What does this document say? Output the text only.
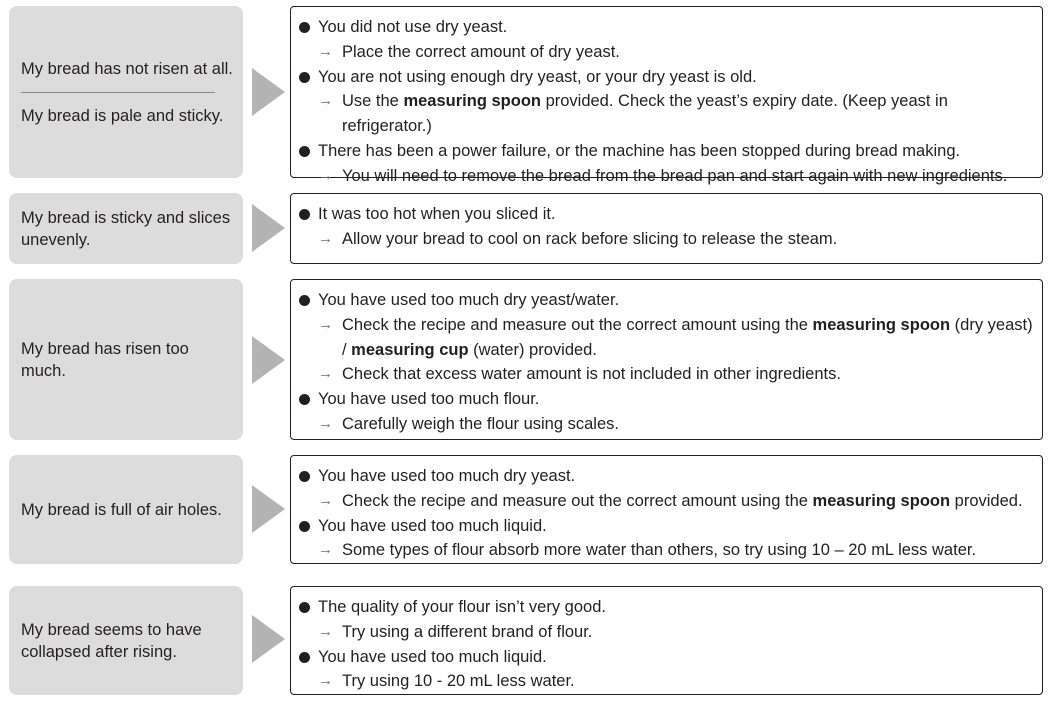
My bread has not risen at all.
My bread is pale and sticky.
You did not use dry yeast.
→ Place the correct amount of dry yeast.
You are not using enough dry yeast, or your dry yeast is old.
→ Use the measuring spoon provided. Check the yeast’s expiry date. (Keep yeast in refrigerator.)
There has been a power failure, or the machine has been stopped during bread making.
→ You will need to remove the bread from the bread pan and start again with new ingredients.
My bread is sticky and slices unevenly.
It was too hot when you sliced it.
→ Allow your bread to cool on rack before slicing to release the steam.
My bread has risen too much.
You have used too much dry yeast/water.
→ Check the recipe and measure out the correct amount using the measuring spoon (dry yeast) / measuring cup (water) provided.
→ Check that excess water amount is not included in other ingredients.
You have used too much flour.
→ Carefully weigh the flour using scales.
My bread is full of air holes.
You have used too much dry yeast.
→ Check the recipe and measure out the correct amount using the measuring spoon provided.
You have used too much liquid.
→ Some types of flour absorb more water than others, so try using 10 – 20 mL less water.
My bread seems to have collapsed after rising.
The quality of your flour isn’t very good.
→ Try using a different brand of flour.
You have used too much liquid.
→ Try using 10 - 20 mL less water.
